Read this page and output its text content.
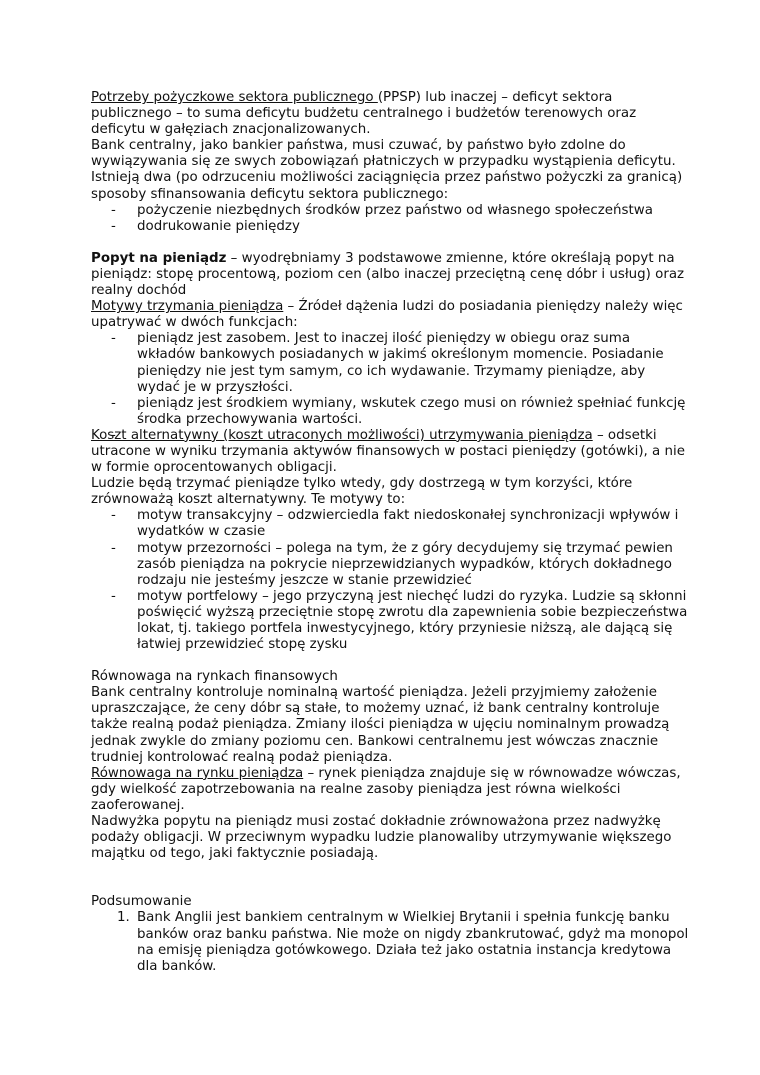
Potrzeby pożyczkowe sektora publicznego (PPSP) lub inaczej – deficyt sektora publicznego – to suma deficytu budżetu centralnego i budżetów terenowych oraz deficytu w gałęziach znacjonalizowanych.

Bank centralny, jako bankier państwa, musi czuwać, by państwo było zdolne do wywiązywania się ze swych zobowiązań płatniczych w przypadku wystąpienia deficytu.

Istnieją dwa (po odrzuceniu możliwości zaciągnięcia przez państwo pożyczki za granicą) sposoby sfinansowania deficytu sektora publicznego:

- pożyczenie niezbędnych środków przez państwo od własnego społeczeństwa
- dodrukowanie pieniędzy

Popyt na pieniądz – wyodrębniamy 3 podstawowe zmienne, które określają popyt na pieniądz: stopę procentową, poziom cen (albo inaczej przeciętną cenę dóbr i usług) oraz realny dochód

Motywy trzymania pieniądza – Źródeł dążenia ludzi do posiadania pieniędzy należy więc upatrywać w dwóch funkcjach:

- pieniądz jest zasobem. Jest to inaczej ilość pieniędzy w obiegu oraz suma wkładów bankowych posiadanych w jakimś określonym momencie. Posiadanie pieniędzy nie jest tym samym, co ich wydawanie. Trzymamy pieniądze, aby wydać je w przyszłości.
- pieniądz jest środkiem wymiany, wskutek czego musi on również spełniać funkcję środka przechowywania wartości.

Koszt alternatywny (koszt utraconych możliwości) utrzymywania pieniądza – odsetki utracone w wyniku trzymania aktywów finansowych w postaci pieniędzy (gotówki), a nie w formie oprocentowanych obligacji.

Ludzie będą trzymać pieniądze tylko wtedy, gdy dostrzegą w tym korzyści, które zrównoważą koszt alternatywny. Te motywy to:

- motyw transakcyjny – odzwierciedla fakt niedoskonałej synchronizacji wpływów i wydatków w czasie
- motyw przezorności – polega na tym, że z góry decydujemy się trzymać pewien zasób pieniądza na pokrycie nieprzewidzianych wypadków, których dokładnego rodzaju nie jesteśmy jeszcze w stanie przewidzieć
- motyw portfelowy – jego przyczyną jest niechęć ludzi do ryzyka. Ludzie są skłonni poświęcić wyższą przeciętnie stopę zwrotu dla zapewnienia sobie bezpieczeństwa lokat, tj. takiego portfela inwestycyjnego, który przyniesie niższą, ale dającą się łatwiej przewidzieć stopę zysku

Równowaga na rynkach finansowych

Bank centralny kontroluje nominalną wartość pieniądza. Jeżeli przyjmiemy założenie upraszczające, że ceny dóbr są stałe, to możemy uznać, iż bank centralny kontroluje także realną podaż pieniądza. Zmiany ilości pieniądza w ujęciu nominalnym prowadzą jednak zwykle do zmiany poziomu cen. Bankowi centralnemu jest wówczas znacznie trudniej kontrolować realną podaż pieniądza.

Równowaga na rynku pieniądza – rynek pieniądza znajduje się w równowadze wówczas, gdy wielkość zapotrzebowania na realne zasoby pieniądza jest równa wielkości zaoferowanej.

Nadwyżka popytu na pieniądz musi zostać dokładnie zrównoważona przez nadwyżkę podaży obligacji. W przeciwnym wypadku ludzie planowaliby utrzymywanie większego majątku od tego, jaki faktycznie posiadają.

Podsumowanie

1. Bank Anglii jest bankiem centralnym w Wielkiej Brytanii i spełnia funkcję banku banków oraz banku państwa. Nie może on nigdy zbankrutować, gdyż ma monopol na emisję pieniądza gotówkowego. Działa też jako ostatnia instancja kredytowa dla banków.
